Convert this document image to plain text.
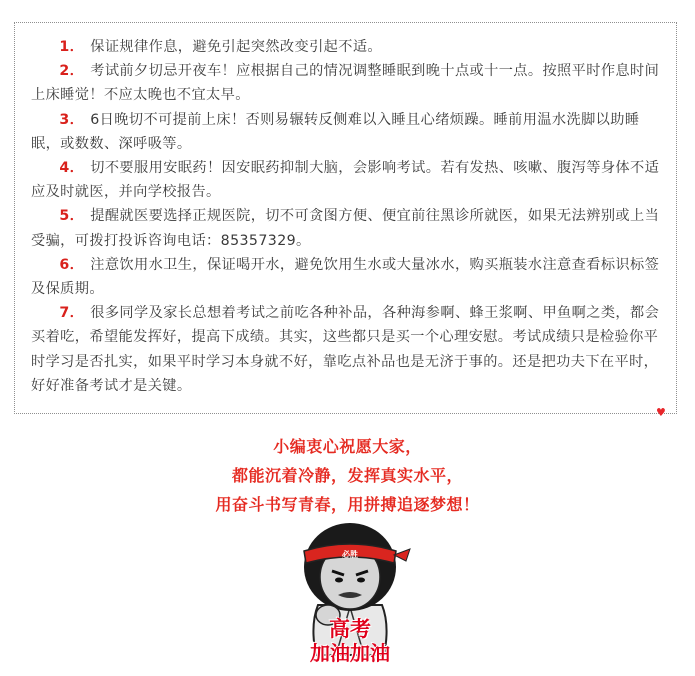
1． 保证规律作息，避免引起突然改变引起不适。

2． 考试前夕切忌开夜车！应根据自己的情况调整睡眠到晚十点或十一点。按照平时作息时间上床睡觉！不应太晚也不宜太早。

3． 6日晚切不可提前上床！否则易辗转反侧难以入睡且心绪烦躁。睡前用温水洗脚以助睡眠，或数数、深呼吸等。

4． 切不要服用安眠药！因安眠药抑制大脑，会影响考试。若有发热、咳嗽、腹泻等身体不适应及时就医，并向学校报告。

5． 提醒就医要选择正规医院，切不可贪图方便、便宜前往黑诊所就医，如果无法辨别或上当受骗，可拨打投诉咨询电话：85357329。

6． 注意饮用水卫生，保证喝开水，避免饮用生水或大量冰水，购买瓶装水注意查看标识标签及保质期。

7． 很多同学及家长总想着考试之前吃各种补品，各种海参啊、蜂王浆啊、甲鱼啊之类，都会买着吃，希望能发挥好，提高下成绩。其实，这些都只是买一个心理安慰。考试成绩只是检验你平时学习是否扎实，如果平时学习本身就不好，靠吃点补品也是无济于事的。还是把功夫下在平时，好好准备考试才是关键。

♥

小编衷心祝愿大家，

都能沉着冷静，发挥真实水平，

用奋斗书写青春，用拼搏追逐梦想！

必胜
高考
加油加油
